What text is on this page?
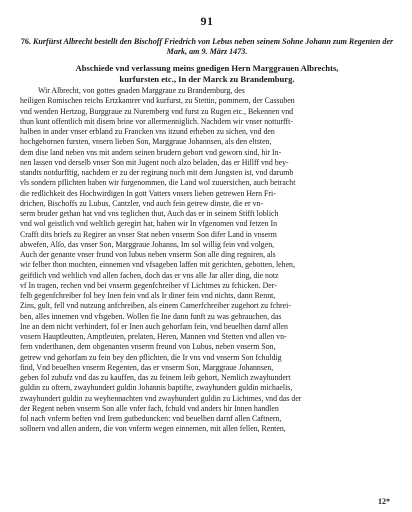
91
76. Kurfürst Albrecht bestellt den Bischoff Friedrich von Lebus neben seinem Sohne Johann zum Regenten der Mark, am 9. März 1473.
Abschiede vnd verlassung meins gnedigen Hern Marggrauen Albrechts,
kurfursten etc., In der Marck zu Brandemburg.
Wir Albrecht, von gottes gnaden Marggraue zu Brandemburg, des
heiligen Romischen reichs Ertzkamrer vnd kurfurst, zu Stettin, pommern, der Cassuben
vnd wenden Hertzog, Burggraue zu Nuremberg vnd furst zu Rugen etc., Bekennen vnd
thun kunt offentlich mit disem brine vor allermenniglich. Nachdem wir vnser notturfft-
halben in ander vnser erbland zu Francken vns itzund erheben zu sichen, vnd den
hochgebornen fursten, vnsern lieben Son, Marggraue Johannsen, als den eltsten,
dem dise land neben vns mit andern seinen brudern gebort vnd geworn sind, hir In-
nen lassen vnd derselb vnser Son mit Jugent noch alzo beladen, das er Hillff vnd bey-
standts notdurfftig, nachdem er zu der regirung noch mit dem Jungsten ist, vnd darumb
vls sondern pflichten haben wir furgenommen, die Land wol zuuersichen, auch betracht
die redlichkeit des Hochwirdigen In gott Vatters vnsers lieben getrewen Hern Fri-
drichen, Bischoffs zu Lubus, Cantzler, vnd auch fein getrew dinste, die er vn-
serm bruder gethan hat vnd vns teglichen thut, Auch das er in seinem Stifft loblich
vnd wol geistlich vnd weltlich geregirt hat, haben wir In vfgenomen vnd fetzen In
Crafft dits briefs zu Regirer an vnser Stat neben vnserm Son difer Land in vnserm
abwefen, Alſo, das vnser Son, Marggraue Johanns, Im sol willig fein vnd volgen,
Auch der genante vnser frund von lubus neben vnserm Son alle ding regniren, als
wir felber thon mochten, einnemen vnd vfsageben laffen mit gerichten, gebotten, lehen,
geiftlich vnd weltlich vnd allen fachen, doch das er vns alle Jar aller ding, die notz
vf In tragen, rechen vnd bei vnserm gegenfchreiber vf Lichtmes zu fchicken. Der-
felb gegenfchreiber fol bey Inen fein vnd als Ir diner fein vnd nichts, dann Rennt,
Zins, gult, fell vnd nutzung anfchreiben, als einem Camerfchreiber zugehort zu fchrei-
ben, alles innemen vnd vfsgeben. Wollen fie Ine dann funft zu was gebrauchen, das
Ine an dem nicht verhindert, fol er Inen auch gehorfam fein, vnd beuelhen darnf allen
vnsern Hauptleutten, Amptleuten, prelaten, Heren, Mannen vnd Stetten vnd allen vn-
fern vnderthanen, dem obgenanten vnserm freund von Lubus, neben vnserm Son,
getrew vnd gehorfam zu fein bey den pflichten, die Ir vns vnd vnserm Son fchuldig
find, Vnd beuelhen vnserm Regenten, das er vnserm Son, Marggraue Johannsen,
geben fol zubufz vnd das zu kauffen, das zu feinem leib gehort, Nemlich zwayhundert
guldin zu oftern, zwayhundert guldin Johannis baptifte, zwayhundert guldin michaelis,
zwayhundert guldin zu weyhennachten vnd zwayhundert guldin zu Lichtmes, vnd das der
der Regent neben vnserm Son alle vnfer fach, fchuld vnd anders hir Innen handlen
fol nach vnferm beften vnd Irem gutbeduncken: vnd beuelhen darnf allen Caftnern,
sollnern vnd allen andern, die von vnferm wegen einnemen, mit allen fellen, Renten,
12*
